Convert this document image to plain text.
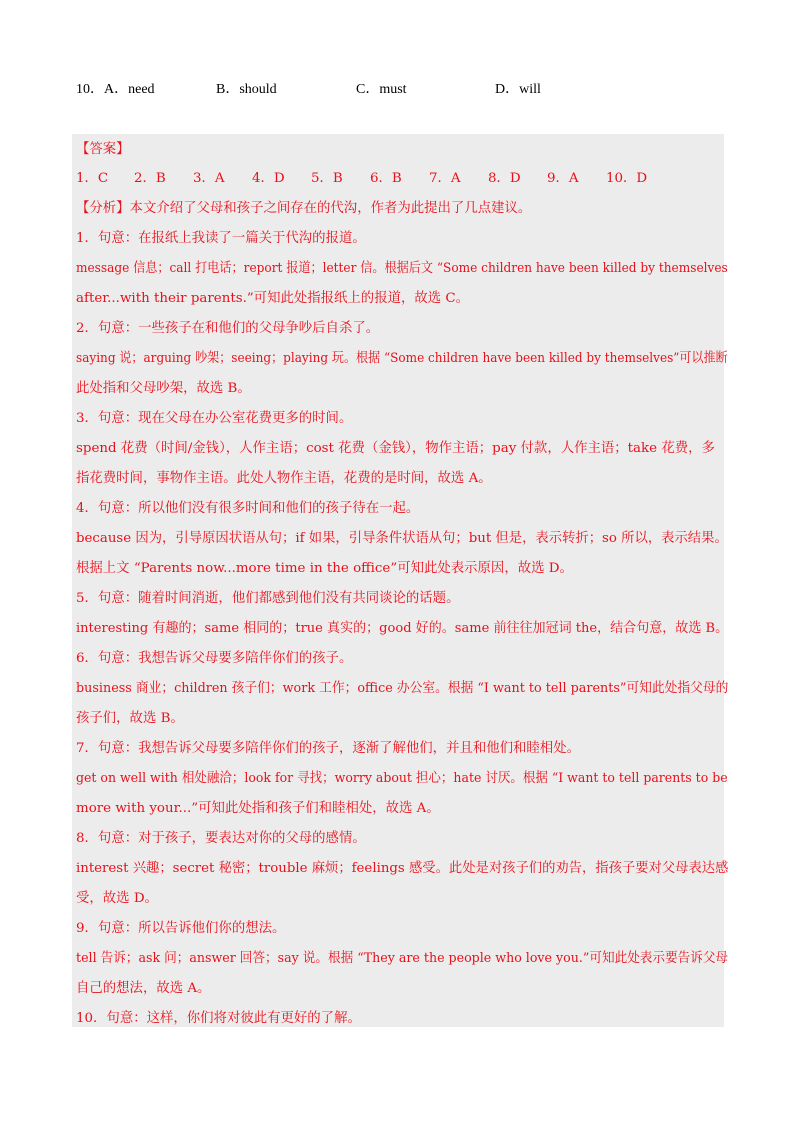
10．A．need	B．should	C．must	D．will
【答案】
1．C 2．B 3．A 4．D 5．B 6．B 7．A 8．D 9．A 10．D
【分析】本文介绍了父母和孩子之间存在的代沟，作者为此提出了几点建议。
1．句意：在报纸上我读了一篇关于代沟的报道。
message 信息；call 打电话；report 报道；letter 信。根据后文 “Some children have been killed by themselves
after...with their parents.”可知此处指报纸上的报道，故选 C。
2．句意：一些孩子在和他们的父母争吵后自杀了。
saying 说；arguing 吵架；seeing；playing 玩。根据 “Some children have been killed by themselves”可以推断
此处指和父母吵架，故选 B。
3．句意：现在父母在办公室花费更多的时间。
spend 花费（时间/金钱），人作主语；cost 花费（金钱），物作主语；pay 付款，人作主语；take 花费，多
指花费时间，事物作主语。此处人物作主语，花费的是时间，故选 A。
4．句意：所以他们没有很多时间和他们的孩子待在一起。
because 因为，引导原因状语从句；if 如果，引导条件状语从句；but 但是，表示转折；so 所以，表示结果。
根据上文 “Parents now...more time in the office”可知此处表示原因，故选 D。
5．句意：随着时间消逝，他们都感到他们没有共同谈论的话题。
interesting 有趣的；same 相同的；true 真实的；good 好的。same 前往往加冠词 the，结合句意，故选 B。
6．句意：我想告诉父母要多陪伴你们的孩子。
business 商业；children 孩子们；work 工作；office 办公室。根据 “I want to tell parents”可知此处指父母的
孩子们，故选 B。
7．句意：我想告诉父母要多陪伴你们的孩子，逐渐了解他们，并且和他们和睦相处。
get on well with 相处融洽；look for 寻找；worry about 担心；hate 讨厌。根据 “I want to tell parents to be
more with your...”可知此处指和孩子们和睦相处，故选 A。
8．句意：对于孩子，要表达对你的父母的感情。
interest 兴趣；secret 秘密；trouble 麻烦；feelings 感受。此处是对孩子们的劝告，指孩子要对父母表达感
受，故选 D。
9．句意：所以告诉他们你的想法。
tell 告诉；ask 问；answer 回答；say 说。根据 “They are the people who love you.”可知此处表示要告诉父母
自己的想法，故选 A。
10．句意：这样，你们将对彼此有更好的了解。
